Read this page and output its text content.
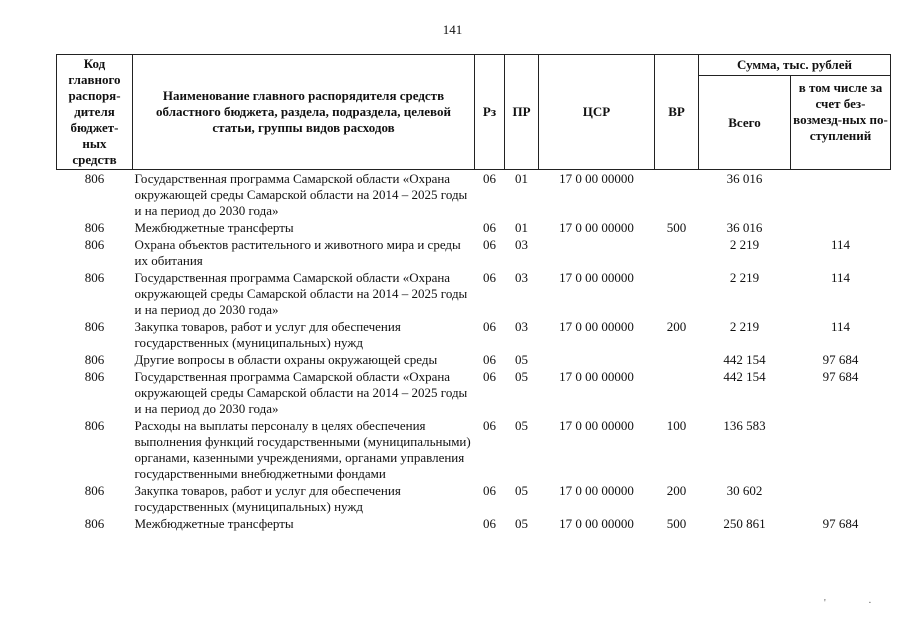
141
Код главного распоря-дителя бюджет-ных средств	Наименование главного распорядителя средств областного бюджета, раздела, подраздела, целевой статьи, группы видов расходов	Рз	ПР	ЦСР	ВР	Сумма, тыс. рублей	
						Всего	в том числе за счет без-возмезд-ных по-ступлений
806	Государственная программа Самарской области «Охрана окружающей среды Самарской области на 2014 – 2025 годы и на период до 2030 года»	06	01	17 0 00 00000		36 016	
806	Межбюджетные трансферты	06	01	17 0 00 00000	500	36 016	
806	Охрана объектов растительного и животного мира и среды их обитания	06	03			2 219	114
806	Государственная программа Самарской области «Охрана окружающей среды Самарской области на 2014 – 2025 годы и на период до 2030 года»	06	03	17 0 00 00000		2 219	114
806	Закупка товаров, работ и услуг для обеспечения государственных (муниципальных) нужд	06	03	17 0 00 00000	200	2 219	114
806	Другие вопросы в области охраны окружающей среды	06	05			442 154	97 684
806	Государственная программа Самарской области «Охрана окружающей среды Самарской области на 2014 – 2025 годы и на период до 2030 года»	06	05	17 0 00 00000		442 154	97 684
806	Расходы на выплаты персоналу в целях обеспечения выполнения функций государственными (муниципальными) органами, казенными учреждениями, органами управления государственными внебюджетными фондами	06	05	17 0 00 00000	100	136 583	
806	Закупка товаров, работ и услуг для обеспечения государственных (муниципальных) нужд	06	05	17 0 00 00000	200	30 602	
806	Межбюджетные трансферты	06	05	17 0 00 00000	500	250 861	97 684
' ·
